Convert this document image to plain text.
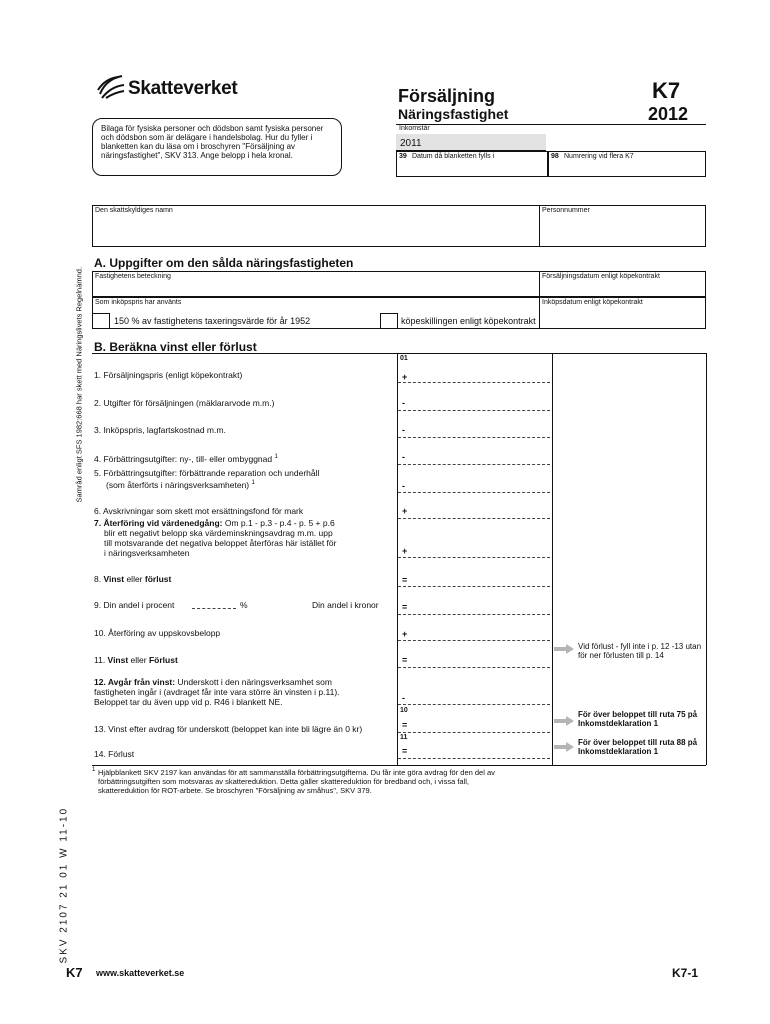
Skatteverket	K7
Försäljning
Näringsfastighet	2012
Bilaga för fysiska personer och dödsbon samt fysiska personer och dödsbon som är delägare i handelsbolag. Hur du fyller i blanketten kan du läsa om i broschyren "Försäljning av näringsfastighet", SKV 313. Ange belopp i hela kronal.
Inkomstår
2011
39 Datum då blanketten fylls i	98 Numrering vid flera K7
Samråd enligt SFS 1982:668 har skett med Näringslivets Regelnämnd.
SKV 2107 21 01 W 11-10
Den skattskyldiges namn	Personnummer
A. Uppgifter om den sålda näringsfastigheten
Fastighetens beteckning	Försäljningsdatum enligt köpekontrakt
Som inköpspris har använts	Inköpsdatum enligt köpekontrakt
150 % av fastighetens taxeringsvärde för år 1952	köpeskillingen enligt köpekontrakt
B. Beräkna vinst eller förlust
01
1. Försäljningspris (enligt köpekontrakt)	+
2. Utgifter för försäljningen (mäklararvode m.m.)	-
3. Inköpspris, lagfartskostnad m.m.	-
4. Förbättringsutgifter: ny-, till- eller ombyggnad $^1$	-
5. Förbättringsutgifter: förbättrande reparation och underhåll
(som återförts i näringsverksamheten) $^1$	-
6. Avskrivningar som skett mot ersättningsfond för mark	+
7. Återföring vid värdenedgång: Om p.1 - p.3 - p.4 - p. 5 + p.6
blir ett negativt belopp ska värdeminskningsavdrag m.m. upp
till motsvarande det negativa beloppet återföras här istället för
i näringsverksamheten	+
8. Vinst eller förlust	=
9. Din andel i procent	%	Din andel i kronor	=
10. Återföring av uppskovsbelopp	+
11. Vinst eller Förlust	=
12. Avgår från vinst: Underskott i den näringsverksamhet som
fastigheten ingår i (avdraget får inte vara större än vinsten i p.11).
Beloppet tar du även upp vid p. R46 i blankett NE.	-
10
13. Vinst efter avdrag för underskott (beloppet kan inte bli lägre än 0 kr)	=
11
14. Förlust	=
Vid förlust - fyll inte i p. 12 -13 utan för ner förlusten till p. 14
För över beloppet till ruta 75 på Inkomstdeklaration 1
För över beloppet till ruta 88 på Inkomstdeklaration 1
1 Hjälpblankett SKV 2197 kan användas för att sammanställa förbättringsutgifterna. Du får inte göra avdrag för den del av förbättringsutgiften som motsvaras av skattereduktion. Detta gäller skattereduktion för bredband och, i vissa fall, skattereduktion för ROT-arbete. Se broschyren "Försäljning av småhus", SKV 379.
K7 www.skatteverket.se	K7-1
